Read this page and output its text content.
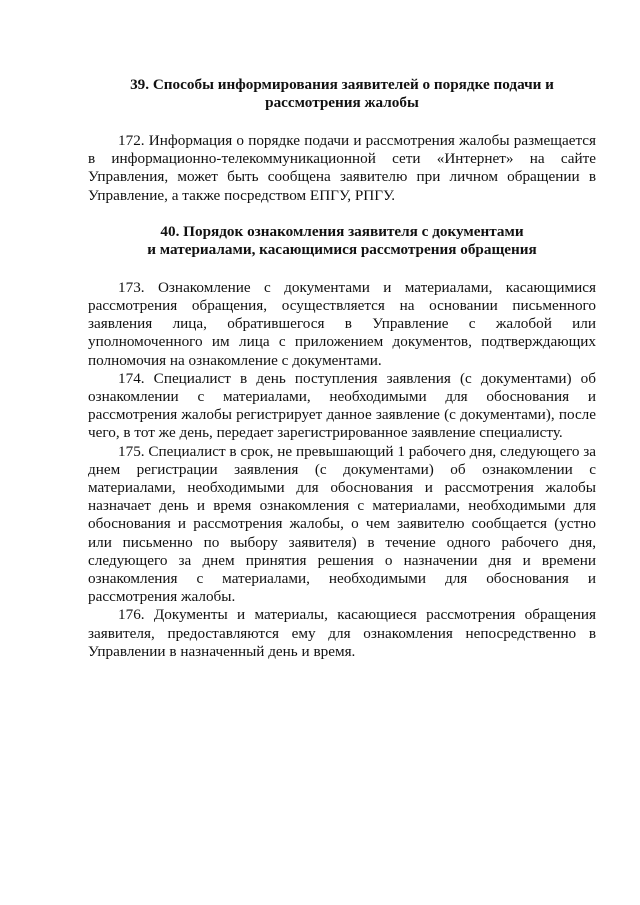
39. Способы информирования заявителей о порядке подачи и
рассмотрения жалобы

172. Информация о порядке подачи и рассмотрения жалобы размещается в информационно-телекоммуникационной сети «Интернет» на сайте Управления, может быть сообщена заявителю при личном обращении в Управление, а также посредством ЕПГУ, РПГУ.

40. Порядок ознакомления заявителя с документами
и материалами, касающимися рассмотрения обращения

173. Ознакомление с документами и материалами, касающимися рассмотрения обращения, осуществляется на основании письменного заявления лица, обратившегося в Управление с жалобой или уполномоченного им лица с приложением документов, подтверждающих полномочия на ознакомление с документами.

174. Специалист в день поступления заявления (с документами) об ознакомлении с материалами, необходимыми для обоснования и рассмотрения жалобы регистрирует данное заявление (с документами), после чего, в тот же день, передает зарегистрированное заявление специалисту.

175. Специалист в срок, не превышающий 1 рабочего дня, следующего за днем регистрации заявления (с документами) об ознакомлении с материалами, необходимыми для обоснования и рассмотрения жалобы назначает день и время ознакомления с материалами, необходимыми для обоснования и рассмотрения жалобы, о чем заявителю сообщается (устно или письменно по выбору заявителя) в течение одного рабочего дня, следующего за днем принятия решения о назначении дня и времени ознакомления с материалами, необходимыми для обоснования и рассмотрения жалобы.

176. Документы и материалы, касающиеся рассмотрения обращения заявителя, предоставляются ему для ознакомления непосредственно в Управлении в назначенный день и время.
